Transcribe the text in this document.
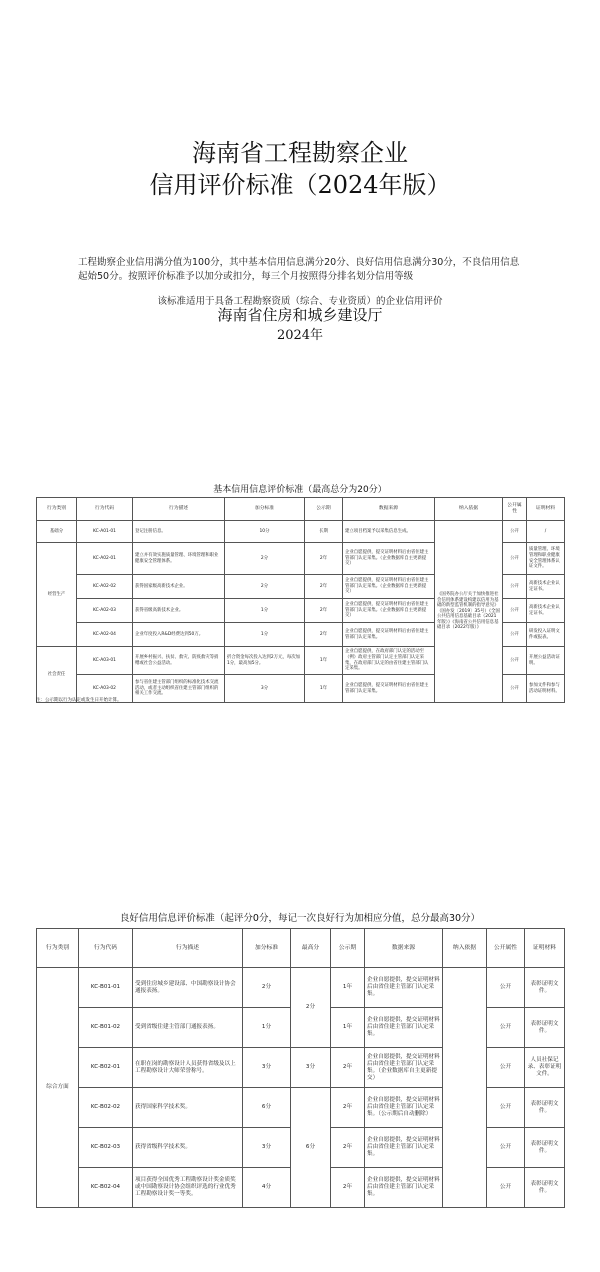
海南省工程勘察企业
信用评价标准（2024年版）
工程勘察企业信用满分值为100分，其中基本信用信息满分20分、良好信用信息满分30分，不良信用信息起始50分。按照评价标准予以加分或扣分，每三个月按照得分排名划分信用等级
该标准适用于具备工程勘察资质（综合、专业资质）的企业信用评价
海南省住房和城乡建设厅
2024年
基本信用信息评价标准（最高总分为20分）
行为类别	行为代码	行为描述	加分标准	公示期	数据来源	纳入依据	公开属性	证明材料
基础分	KC-A01-01	登记注册信息。	10分	长期	建立项目档案予以采集信息生成。	《国务院办公厅关于加快推进社会信用体系建设构建以信用为基础的新型监管机制的指导意见》（国办发〔2019〕35号）《全国公共信用信息基础目录（2021年版）》《海南省公共信用信息基础目录（2022年版）》	公开	/
经营生产	KC-A02-01	建立并有效实施质量管理、环境管理和职业健康安全管理体系。	2分	2年	企业自愿提供，提交证明材料后由省住建主管部门认定采集。（企业数据库自主更新提交）		公开	质量管理、环境管理和职业健康安全管理体系认证文件。
	KC-A02-02	获得国家级高新技术企业。	2分	2年	企业自愿提供，提交证明材料后由省住建主管部门认定采集。（企业数据库自主更新提交）		公开	高新技术企业认定证书。
	KC-A02-03	获得省级高新技术企业。	1分	2年	企业自愿提供，提交证明材料后由省住建主管部门认定采集。（企业数据库自主更新提交）		公开	高新技术企业认定证书。
	KC-A02-04	企业年度投入R&D经费达到50万。	1分	2年	企业自愿提供，提交证明材料后由省住建主管部门认定采集。		公开	研发投入证明文件或报表。
社会责任	KC-A03-01	开展乡村振兴、扶贫、救灾、防疫救灾等捐赠或社会公益活动。	折合资金每次投入达到2万元，每次加1分，最高加5分。	1年	企业自愿提供，在政府部门认定的活动至（例）政府主管部门认定主管部门认定采集，在政府部门认定的由省住建主管部门认定采集。		公开	开展公益活动证明。
	KC-A03-02	参与省住建主管部门组织的标准化技术交流活动，或者主动组织省住建主管部门组织的相关工作交流。	3分	1年	企业自愿提供，提交证明材料后由省住建主管部门认定采集。		公开	参加文件和参与活动证明材料。
注：公示期以行为认定或发生日开始计算。
良好信用信息评价标准（起评分0分，每记一次良好行为加相应分值，总分最高30分）
行为类别	行为代码	行为描述	加分标准	最高分	公示期	数据来源	纳入依据	公开属性	证明材料
综合方面	KC-B01-01	受到住房城乡建设部、中国勘察设计协会通报表扬。	2分	2分	1年	企业自愿提供，提交证明材料后由省住建主管部门认定采集。		公开	表彰证明文件。
	KC-B01-02	受到省级住建主管部门通报表扬。	1分		1年	企业自愿提供，提交证明材料后由省住建主管部门认定采集。		公开	表彰证明文件。
	KC-B02-01	在职在岗的勘察设计人员获得省级及以上工程勘察设计大师荣誉称号。	3分	3分	2年	企业自愿提供，提交证明材料后由省住建主管部门认定采集。（企业数据库自主更新提交）		公开	人员社保记录、表彰证明文件。
	KC-B02-02	获得国家科学技术奖。	6分	6分	2年	企业自愿提供，提交证明材料后由省住建主管部门认定采集。（公示期后自动删除）		公开	表彰证明文件。
	KC-B02-03	获得省级科学技术奖。	3分		2年	企业自愿提供，提交证明材料后由省住建主管部门认定采集。		公开	表彰证明文件。
	KC-B02-04	项目获得全国优秀工程勘察设计奖金质奖或中国勘察设计协会组织评选的行业优秀工程勘察设计奖一等奖。	4分		2年	企业自愿提供，提交证明材料后由省住建主管部门认定采集。		公开	表彰证明文件。
